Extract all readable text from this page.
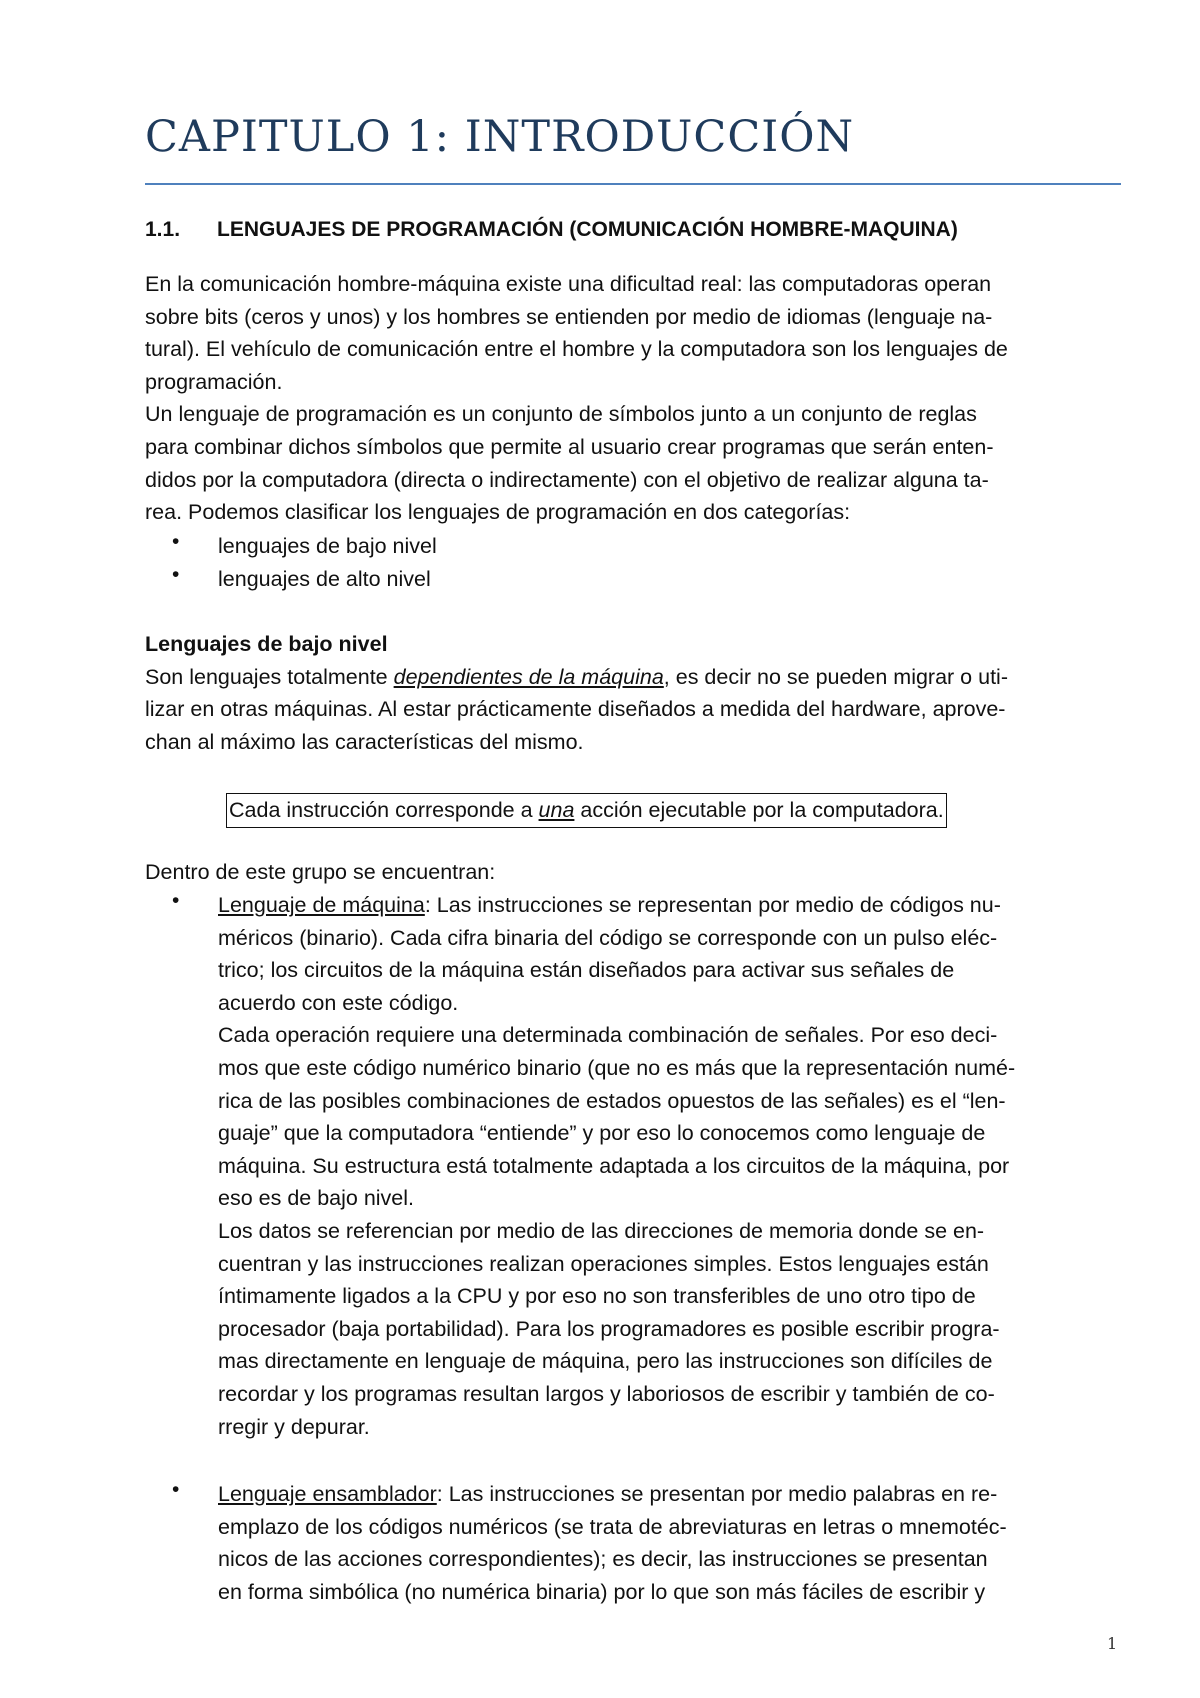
CAPITULO 1: INTRODUCCIÓN
1.1. LENGUAJES DE PROGRAMACIÓN (COMUNICACIÓN HOMBRE-MAQUINA)
En la comunicación hombre-máquina existe una dificultad real: las computadoras operan
sobre bits (ceros y unos) y los hombres se entienden por medio de idiomas (lenguaje na-
tural). El vehículo de comunicación entre el hombre y la computadora son los lenguajes de
programación.
Un lenguaje de programación es un conjunto de símbolos junto a un conjunto de reglas
para combinar dichos símbolos que permite al usuario crear programas que serán enten-
didos por la computadora (directa o indirectamente) con el objetivo de realizar alguna ta-
rea. Podemos clasificar los lenguajes de programación en dos categorías:
•	lenguajes de bajo nivel
•	lenguajes de alto nivel
Lenguajes de bajo nivel
Son lenguajes totalmente dependientes de la máquina, es decir no se pueden migrar o uti-
lizar en otras máquinas. Al estar prácticamente diseñados a medida del hardware, aprove-
chan al máximo las características del mismo.
Cada instrucción corresponde a una acción ejecutable por la computadora.
Dentro de este grupo se encuentran:
•	Lenguaje de máquina: Las instrucciones se representan por medio de códigos nu-
méricos (binario). Cada cifra binaria del código se corresponde con un pulso eléc-
trico; los circuitos de la máquina están diseñados para activar sus señales de
acuerdo con este código.
Cada operación requiere una determinada combinación de señales. Por eso deci-
mos que este código numérico binario (que no es más que la representación numé-
rica de las posibles combinaciones de estados opuestos de las señales) es el “len-
guaje” que la computadora “entiende” y por eso lo conocemos como lenguaje de
máquina. Su estructura está totalmente adaptada a los circuitos de la máquina, por
eso es de bajo nivel.
Los datos se referencian por medio de las direcciones de memoria donde se en-
cuentran y las instrucciones realizan operaciones simples. Estos lenguajes están
íntimamente ligados a la CPU y por eso no son transferibles de uno otro tipo de
procesador (baja portabilidad). Para los programadores es posible escribir progra-
mas directamente en lenguaje de máquina, pero las instrucciones son difíciles de
recordar y los programas resultan largos y laboriosos de escribir y también de co-
rregir y depurar.
•	Lenguaje ensamblador: Las instrucciones se presentan por medio palabras en re-
emplazo de los códigos numéricos (se trata de abreviaturas en letras o mnemotéc-
nicos de las acciones correspondientes); es decir, las instrucciones se presentan
en forma simbólica (no numérica binaria) por lo que son más fáciles de escribir y
1
